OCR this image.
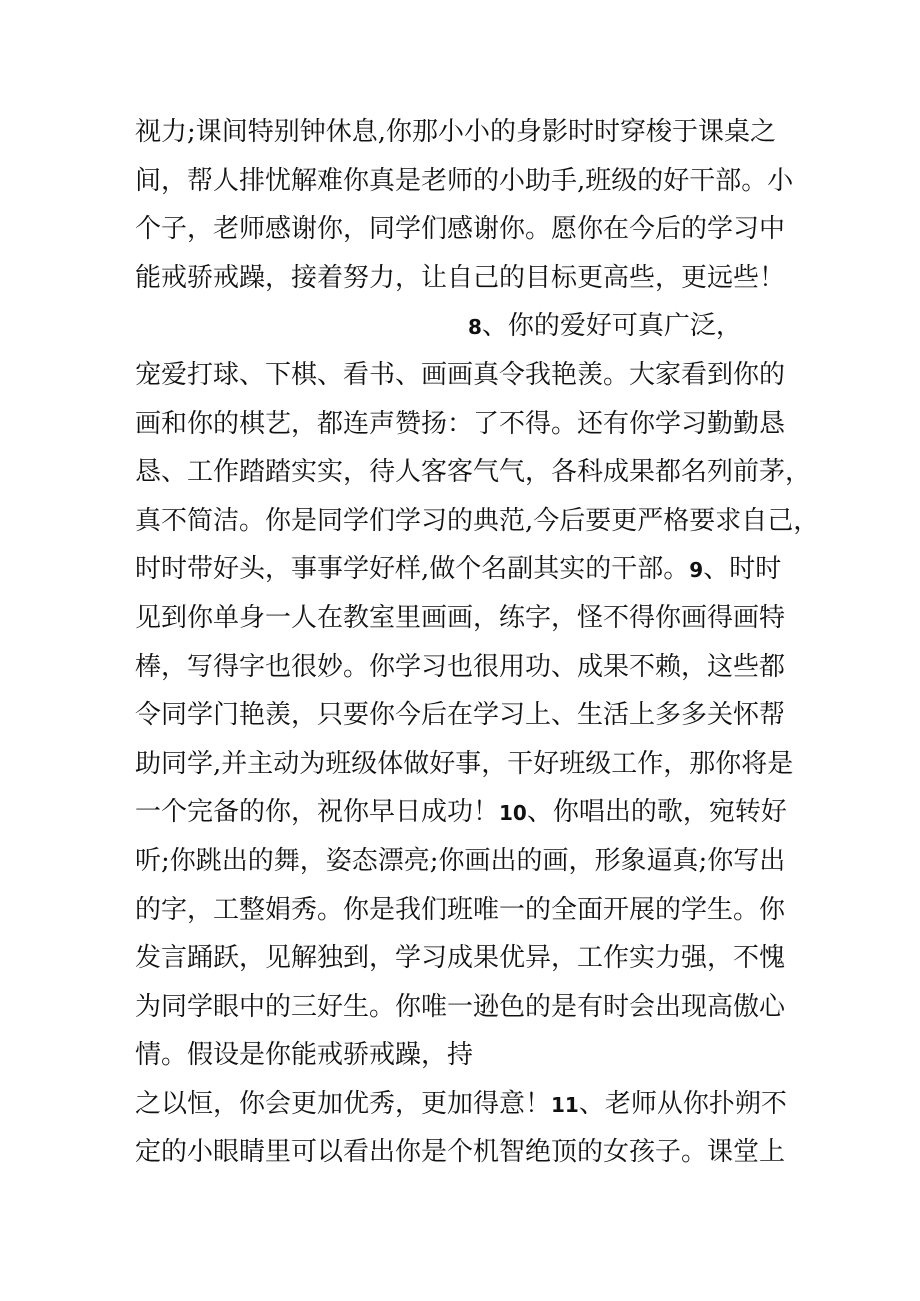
视力;课间特别钟休息,你那小小的身影时时穿梭于课桌之
间，帮人排忧解难你真是老师的小助手,班级的好干部。小
个子，老师感谢你，同学们感谢你。愿你在今后的学习中
能戒骄戒躁，接着努力，让自己的目标更高些，更远些！
8、你的爱好可真广泛，
宠爱打球、下棋、看书、画画真令我艳羡。大家看到你的
画和你的棋艺，都连声赞扬：了不得。还有你学习勤勤恳
恳、工作踏踏实实，待人客客气气，各科成果都名列前茅，
真不简洁。你是同学们学习的典范,今后要更严格要求自己，
时时带好头，事事学好样,做个名副其实的干部。9、时时
见到你单身一人在教室里画画，练字，怪不得你画得画特
棒，写得字也很妙。你学习也很用功、成果不赖，这些都
令同学门艳羡，只要你今后在学习上、生活上多多关怀帮
助同学,并主动为班级体做好事，干好班级工作，那你将是
一个完备的你，祝你早日成功！10、你唱出的歌，宛转好
听;你跳出的舞，姿态漂亮;你画出的画，形象逼真;你写出
的字，工整娟秀。你是我们班唯一的全面开展的学生。你
发言踊跃，见解独到，学习成果优异，工作实力强，不愧
为同学眼中的三好生。你唯一逊色的是有时会出现高傲心
情。假设是你能戒骄戒躁，持
之以恒，你会更加优秀，更加得意！11、老师从你扑朔不
定的小眼睛里可以看出你是个机智绝顶的女孩子。课堂上
